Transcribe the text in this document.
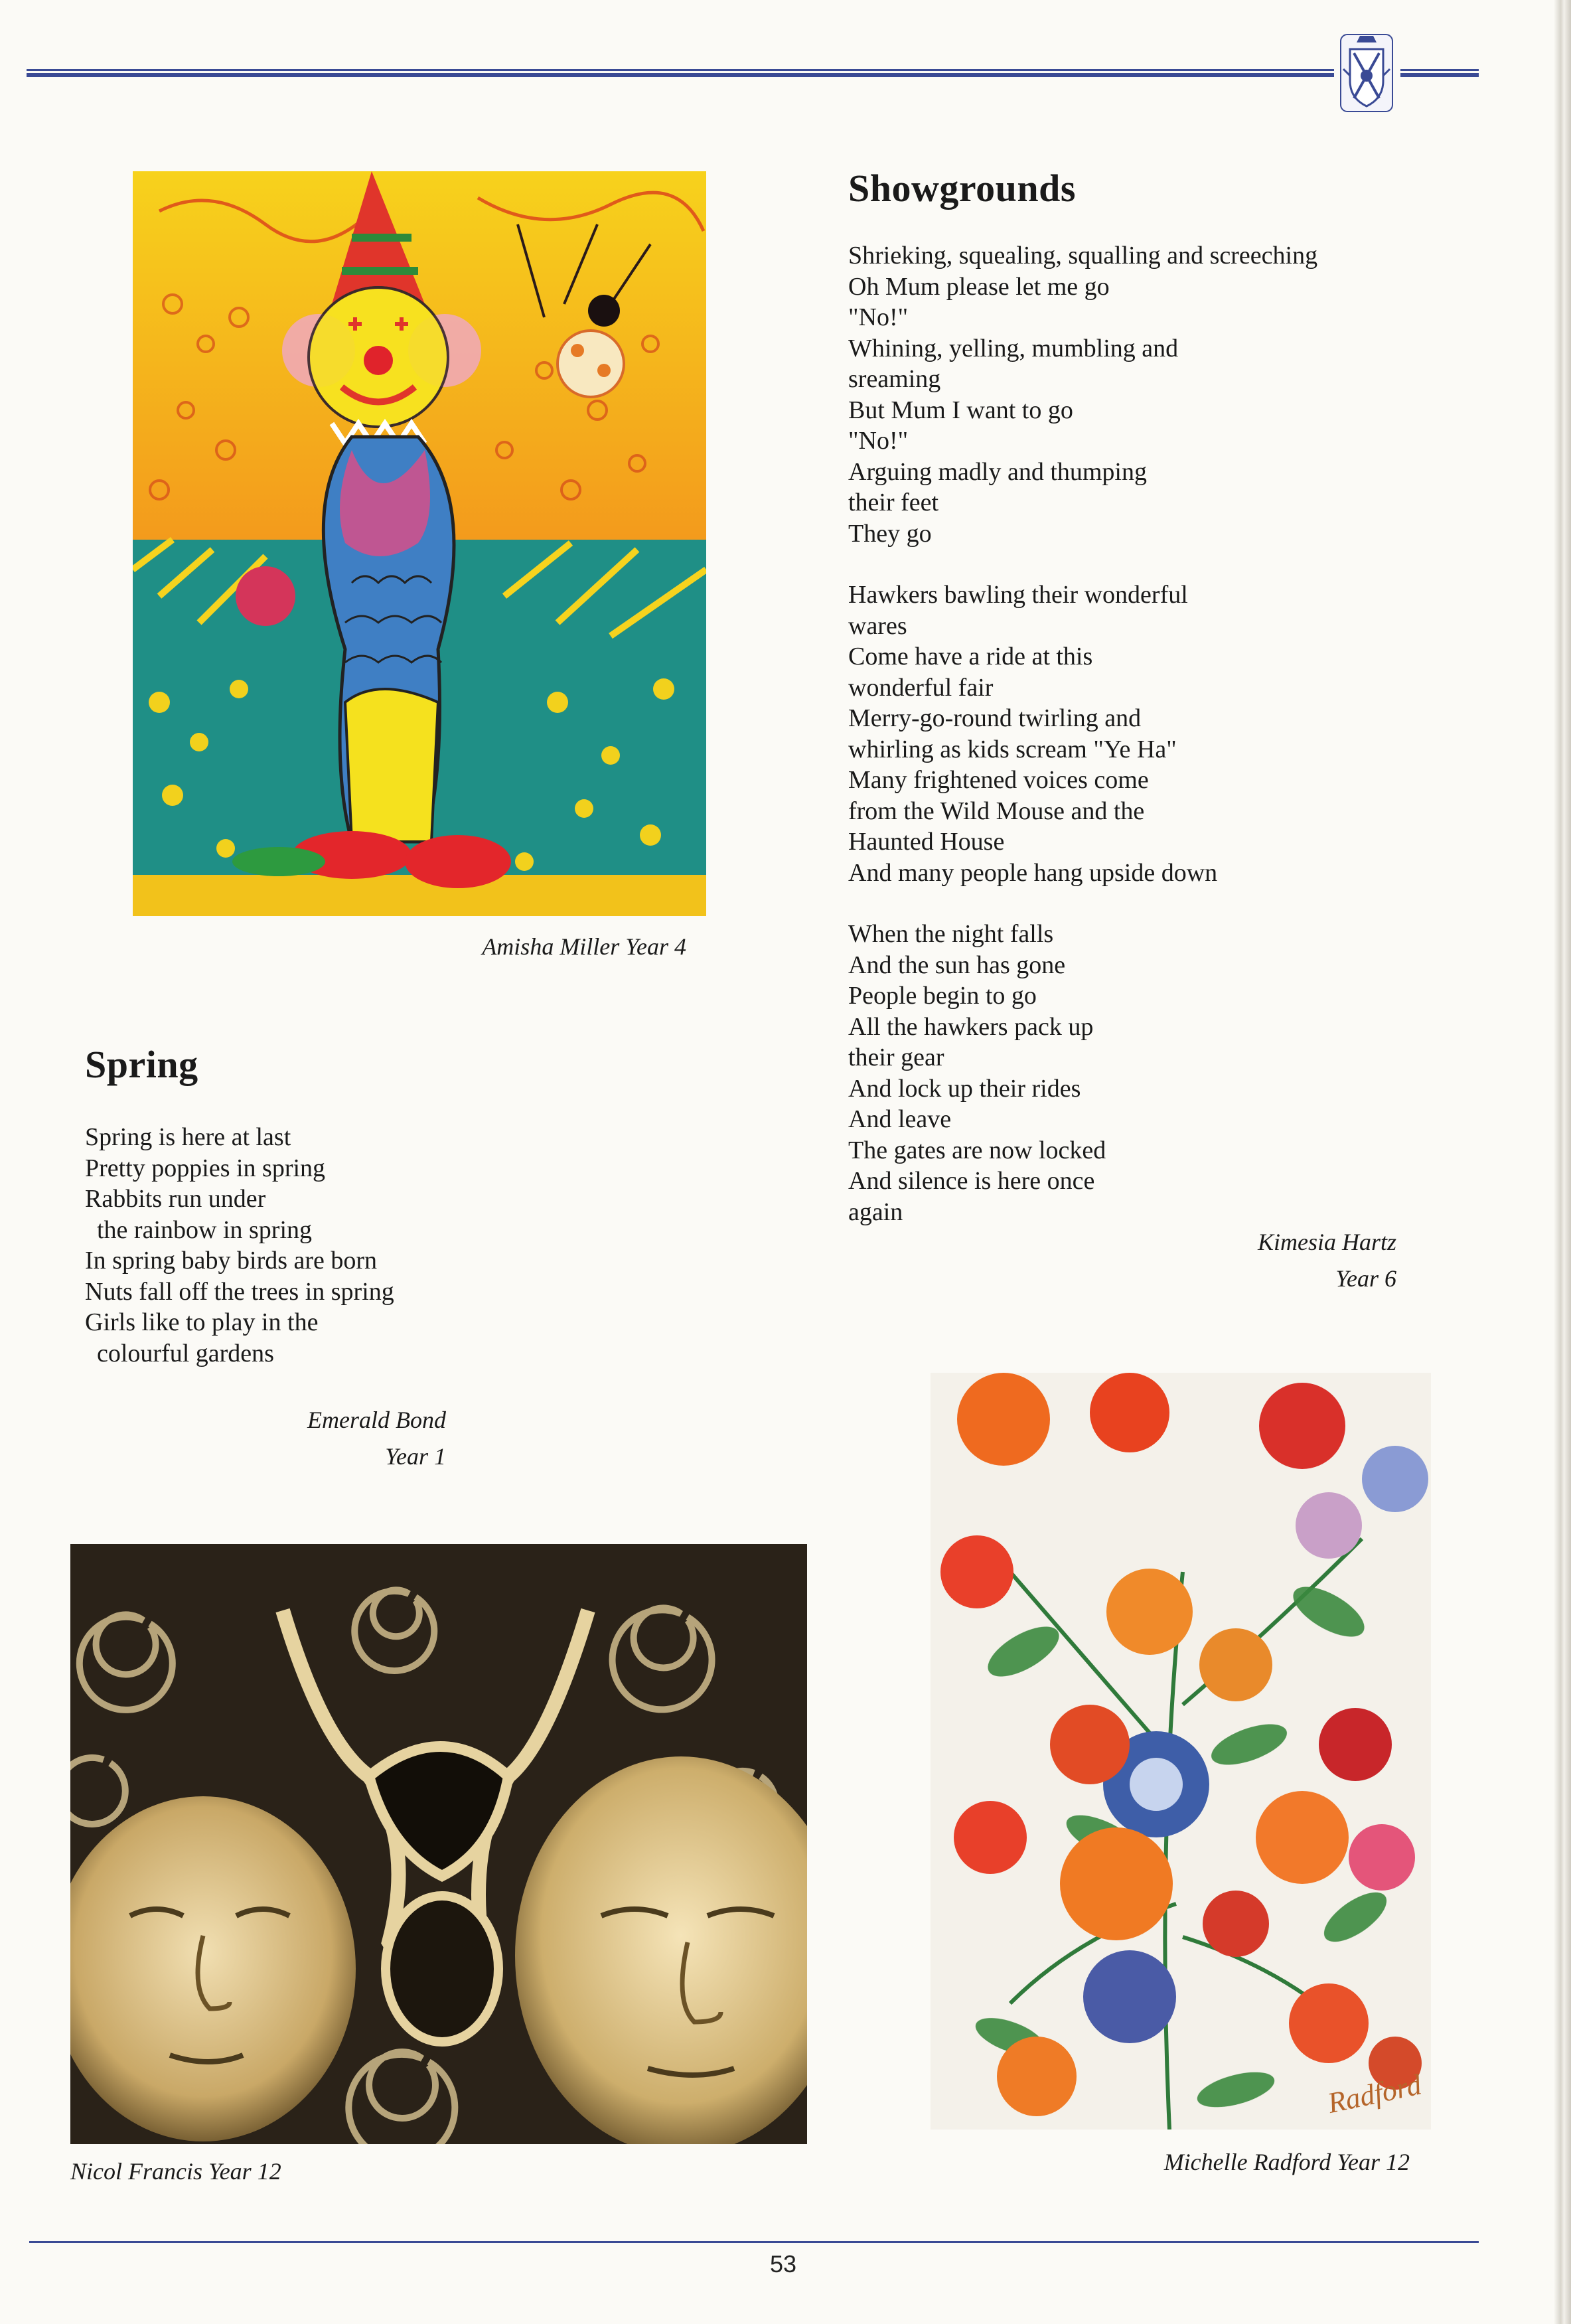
Amisha Miller Year 4
Spring
Spring is here at last
Pretty poppies in spring
Rabbits run under
the rainbow in spring
In spring baby birds are born
Nuts fall off the trees in spring
Girls like to play in the
colourful gardens
Emerald Bond
Year 1
Showgrounds
Shrieking, squealing, squalling and screeching
Oh Mum please let me go
"No!"
Whining, yelling, mumbling and
sreaming
But Mum I want to go
"No!"
Arguing madly and thumping
their feet
They go
Hawkers bawling their wonderful
wares
Come have a ride at this
wonderful fair
Merry-go-round twirling and
whirling as kids scream "Ye Ha"
Many frightened voices come
from the Wild Mouse and the
Haunted House
And many people hang upside down
When the night falls
And the sun has gone
People begin to go
All the hawkers pack up
their gear
And lock up their rides
And leave
The gates are now locked
And silence is here once
again
Kimesia Hartz
Year 6
Nicol Francis Year 12
Radford
Michelle Radford Year 12
53
